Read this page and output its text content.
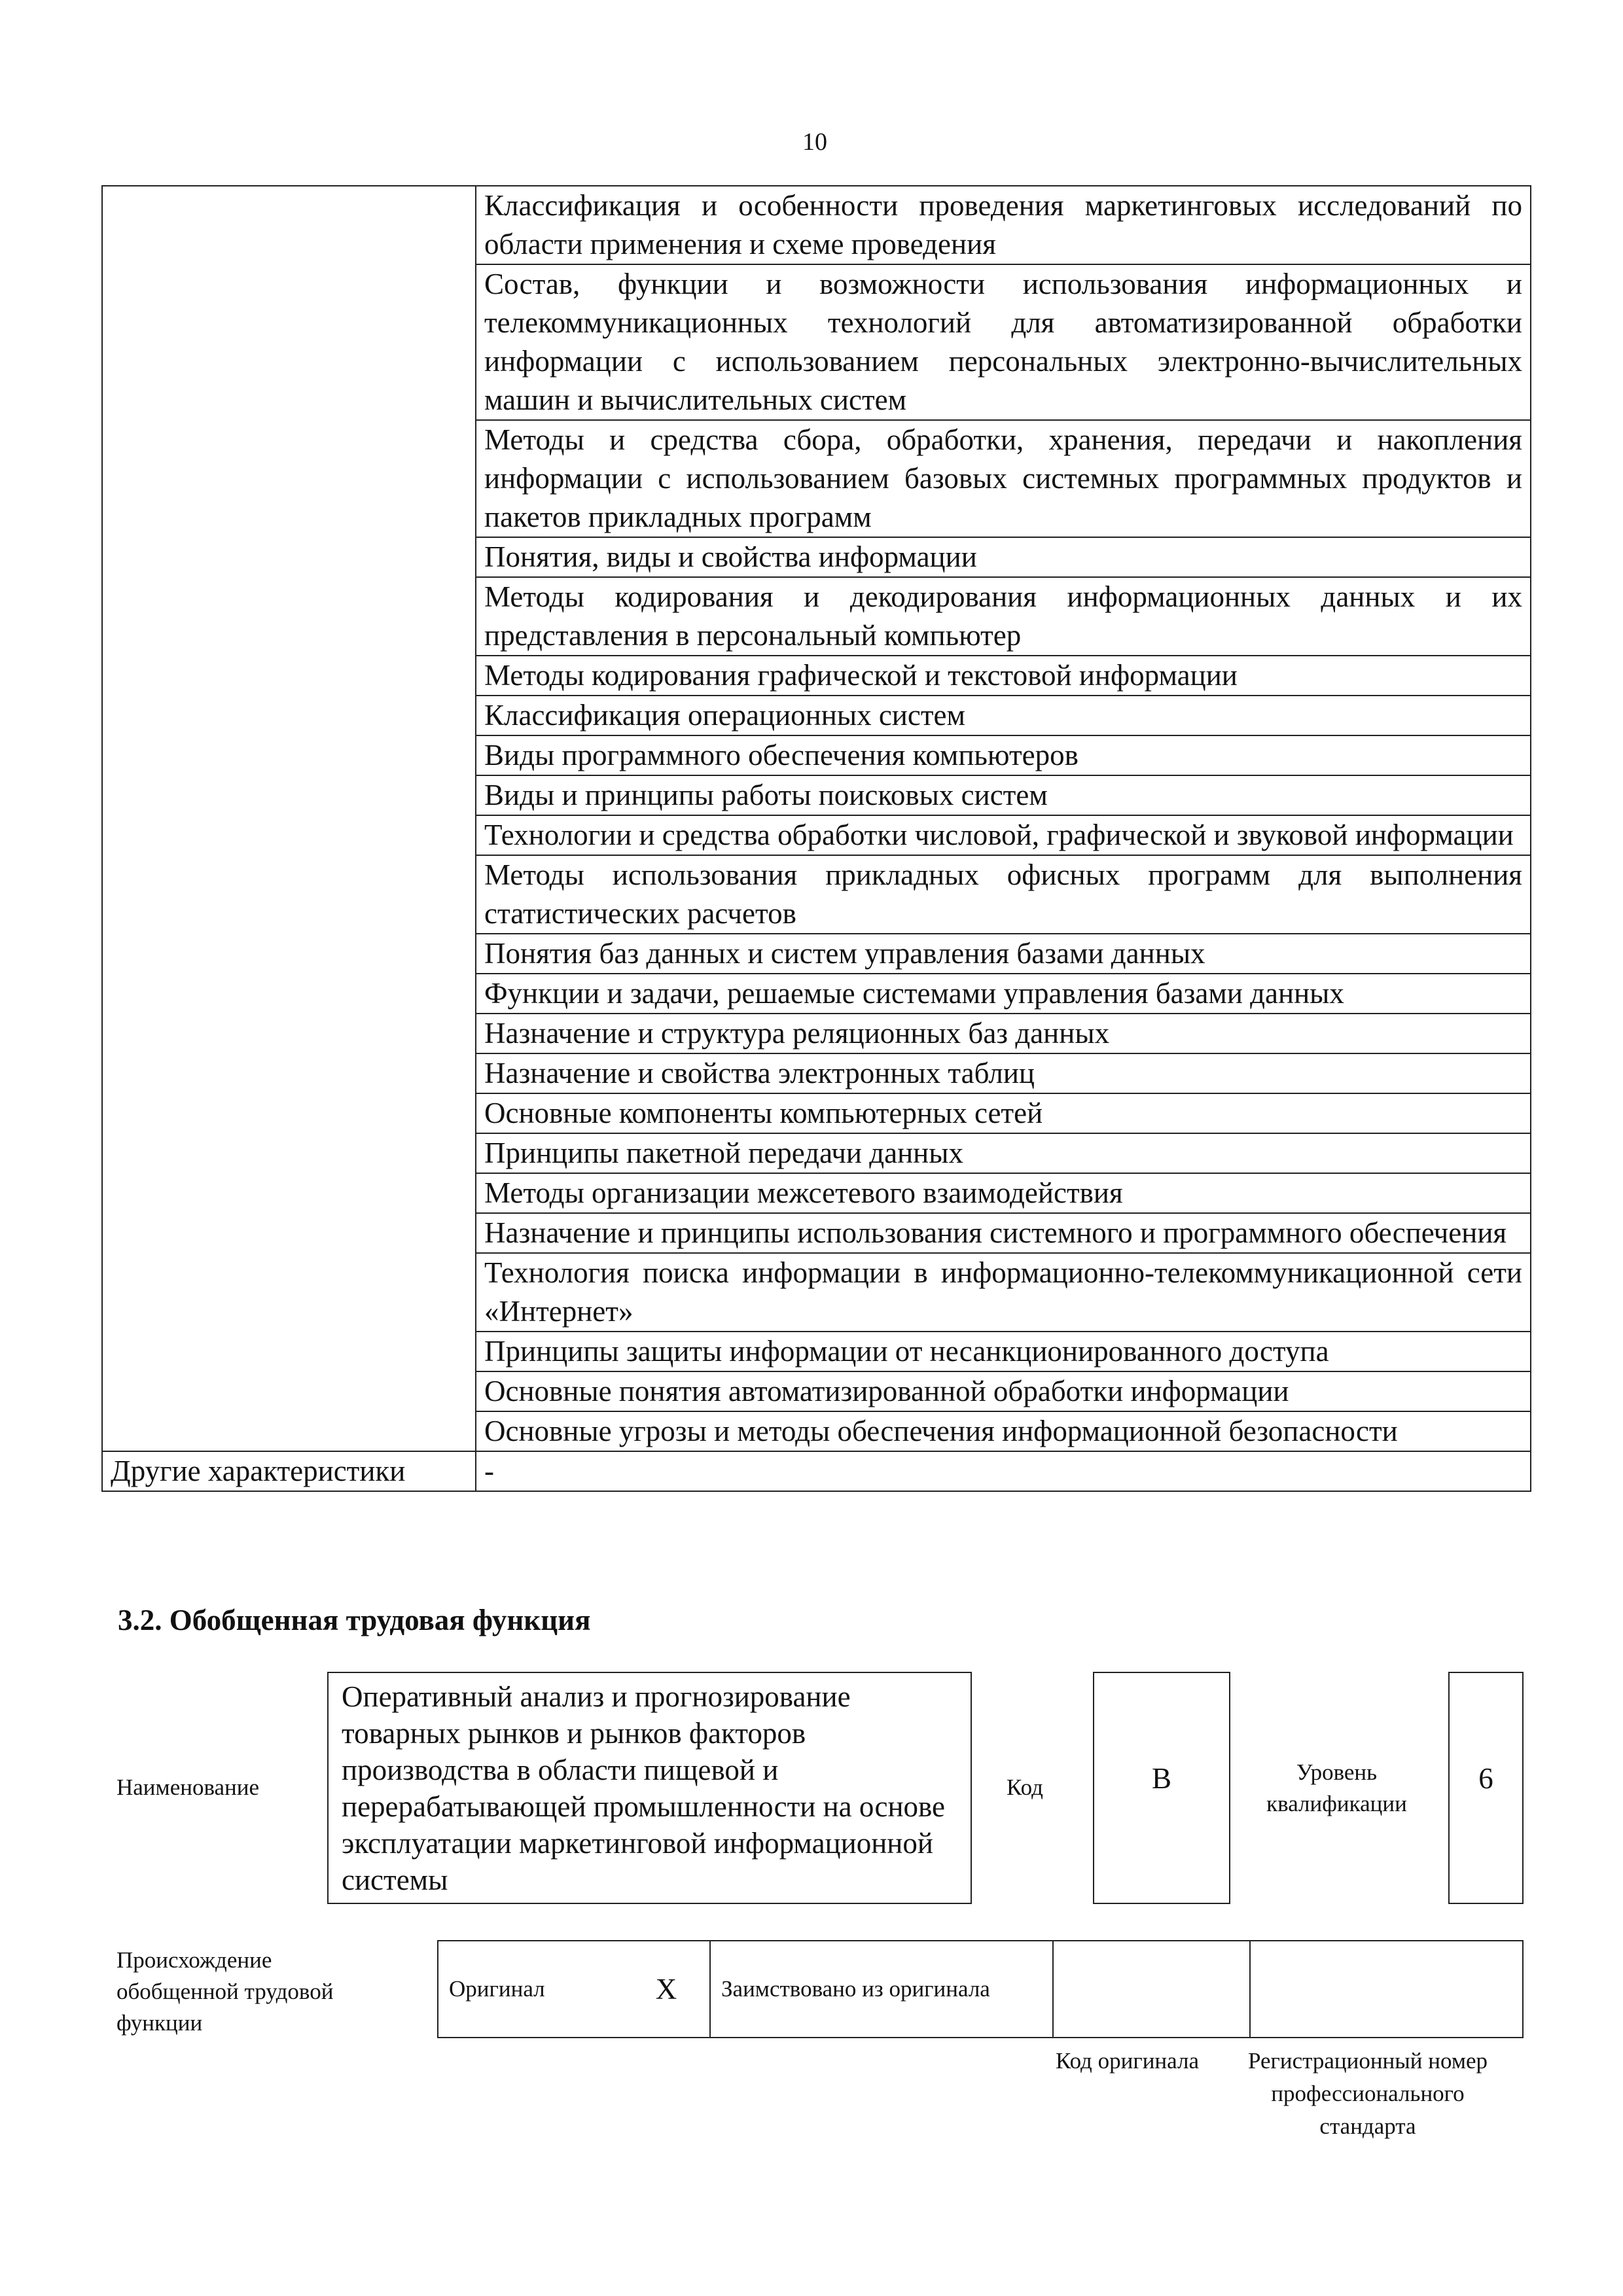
10
	Классификация и особенности проведения маркетинговых исследований по области применения и схеме проведения
	Состав, функции и возможности использования информационных и телекоммуникационных технологий для автоматизированной обработки информации с использованием персональных электронно-вычислительных машин и вычислительных систем
	Методы и средства сбора, обработки, хранения, передачи и накопления информации с использованием базовых системных программных продуктов и пакетов прикладных программ
	Понятия, виды и свойства информации
	Методы кодирования и декодирования информационных данных и их представления в персональный компьютер
	Методы кодирования графической и текстовой информации
	Классификация операционных систем
	Виды программного обеспечения компьютеров
	Виды и принципы работы поисковых систем
	Технологии и средства обработки числовой, графической и звуковой информации
	Методы использования прикладных офисных программ для выполнения статистических расчетов
	Понятия баз данных и систем управления базами данных
	Функции и задачи, решаемые системами управления базами данных
	Назначение и структура реляционных баз данных
	Назначение и свойства электронных таблиц
	Основные компоненты компьютерных сетей
	Принципы пакетной передачи данных
	Методы организации межсетевого взаимодействия
	Назначение и принципы использования системного и программного обеспечения
	Технология поиска информации в информационно-телекоммуникационной сети «Интернет»
	Принципы защиты информации от несанкционированного доступа
	Основные понятия автоматизированной обработки информации
	Основные угрозы и методы обеспечения информационной безопасности
Другие характеристики	-
3.2. Обобщенная трудовая функция
Наименование
Оперативный анализ и прогнозирование товарных рынков и рынков факторов производства в области пищевой и перерабатывающей промышленности на основе эксплуатации маркетинговой информационной системы
Код	B	Уровень квалификации
6
Происхождение обобщенной трудовой функции
Оригинал	X	Заимствовано из оригинала		
Код оригинала	Регистрационный номер профессионального стандарта
